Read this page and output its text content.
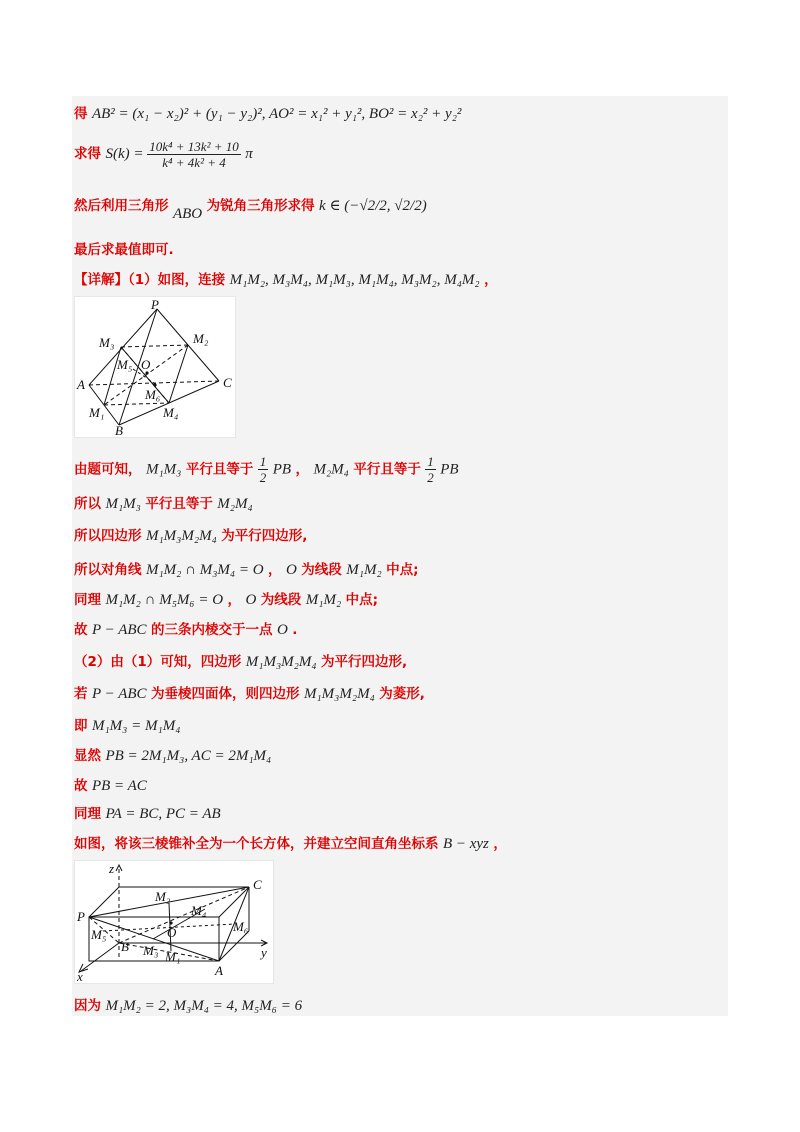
得 AB² = (x₁ − x₂)² + (y₁ − y₂)², AO² = x₁² + y₁², BO² = x₂² + y₂²
求得 $S(k) = \frac{\text{10k⁴ + 13k² + 10}}{\text{k⁴ + 4k² + 4}}$ π
然后利用三角形 ABO 为锐角三角形求得 k ∈ (−√2/2, √2/2)
最后求最值即可.
【详解】（1）如图，连接 M₁M₂, M₃M₄, M₁M₃, M₁M₄, M₃M₂, M₄M₂ ，
P
M₃	M₂
M₅ O
A	C
M₆
M₁	M₄
B
由题可知， M₁M₃ 平行且等于 $\frac{1}{2}$ PB ， M₂M₄ 平行且等于 $\frac{1}{2}$ PB
所以 M₁M₃ 平行且等于 M₂M₄
所以四边形 M₁M₃M₂M₄ 为平行四边形,
所以对角线 M₁M₂ ∩ M₃M₄ = O ， O 为线段 M₁M₂ 中点;
同理 M₁M₂ ∩ M₅M₆ = O ， O 为线段 M₁M₂ 中点;
故 P − ABC 的三条内棱交于一点 O .
（2）由（1）可知，四边形 M₁M₃M₂M₄ 为平行四边形,
若 P − ABC 为垂棱四面体，则四边形 M₁M₃M₂M₄ 为菱形,
即 M₁M₃ = M₁M₄
显然 PB = 2M₁M₃, AC = 2M₁M₄
故 PB = AC
同理 PA = BC, PC = AB
如图，将该三棱锥补全为一个长方体，并建立空间直角坐标系 B − xyz ，
z
C
M₂
M₄
P
O
M₅
B M₃ M₁
M₆
y
A
x
因为 M₁M₂ = 2, M₃M₄ = 4, M₅M₆ = 6
